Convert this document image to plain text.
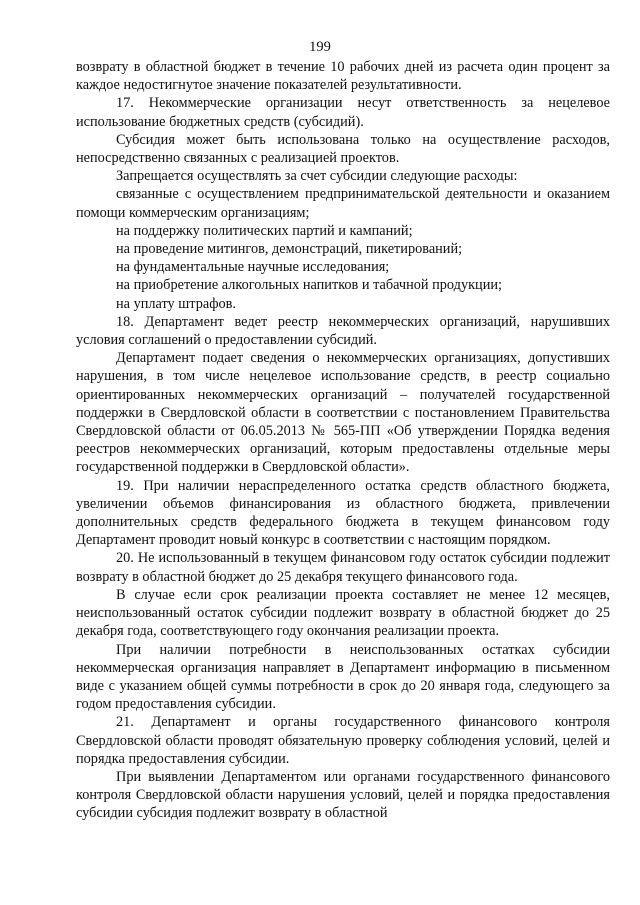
199

возврату в областной бюджет в течение 10 рабочих дней из расчета один процент за каждое недостигнутое значение показателей результативности.

17. Некоммерческие организации несут ответственность за нецелевое использование бюджетных средств (субсидий).

Субсидия может быть использована только на осуществление расходов, непосредственно связанных с реализацией проектов.

Запрещается осуществлять за счет субсидии следующие расходы:

связанные с осуществлением предпринимательской деятельности и оказанием помощи коммерческим организациям;

на поддержку политических партий и кампаний;

на проведение митингов, демонстраций, пикетирований;

на фундаментальные научные исследования;

на приобретение алкогольных напитков и табачной продукции;

на уплату штрафов.

18. Департамент ведет реестр некоммерческих организаций, нарушивших условия соглашений о предоставлении субсидий.

Департамент подает сведения о некоммерческих организациях, допустивших нарушения, в том числе нецелевое использование средств, в реестр социально ориентированных некоммерческих организаций – получателей государственной поддержки в Свердловской области в соответствии с постановлением Правительства Свердловской области от 06.05.2013 № 565-ПП «Об утверждении Порядка ведения реестров некоммерческих организаций, которым предоставлены отдельные меры государственной поддержки в Свердловской области».

19. При наличии нераспределенного остатка средств областного бюджета, увеличении объемов финансирования из областного бюджета, привлечении дополнительных средств федерального бюджета в текущем финансовом году Департамент проводит новый конкурс в соответствии с настоящим порядком.

20. Не использованный в текущем финансовом году остаток субсидии подлежит возврату в областной бюджет до 25 декабря текущего финансового года.

В случае если срок реализации проекта составляет не менее 12 месяцев, неиспользованный остаток субсидии подлежит возврату в областной бюджет до 25 декабря года, соответствующего году окончания реализации проекта.

При наличии потребности в неиспользованных остатках субсидии некоммерческая организация направляет в Департамент информацию в письменном виде с указанием общей суммы потребности в срок до 20 января года, следующего за годом предоставления субсидии.

21. Департамент и органы государственного финансового контроля Свердловской области проводят обязательную проверку соблюдения условий, целей и порядка предоставления субсидии.

При выявлении Департаментом или органами государственного финансового контроля Свердловской области нарушения условий, целей и порядка предоставления субсидии субсидия подлежит возврату в областной
